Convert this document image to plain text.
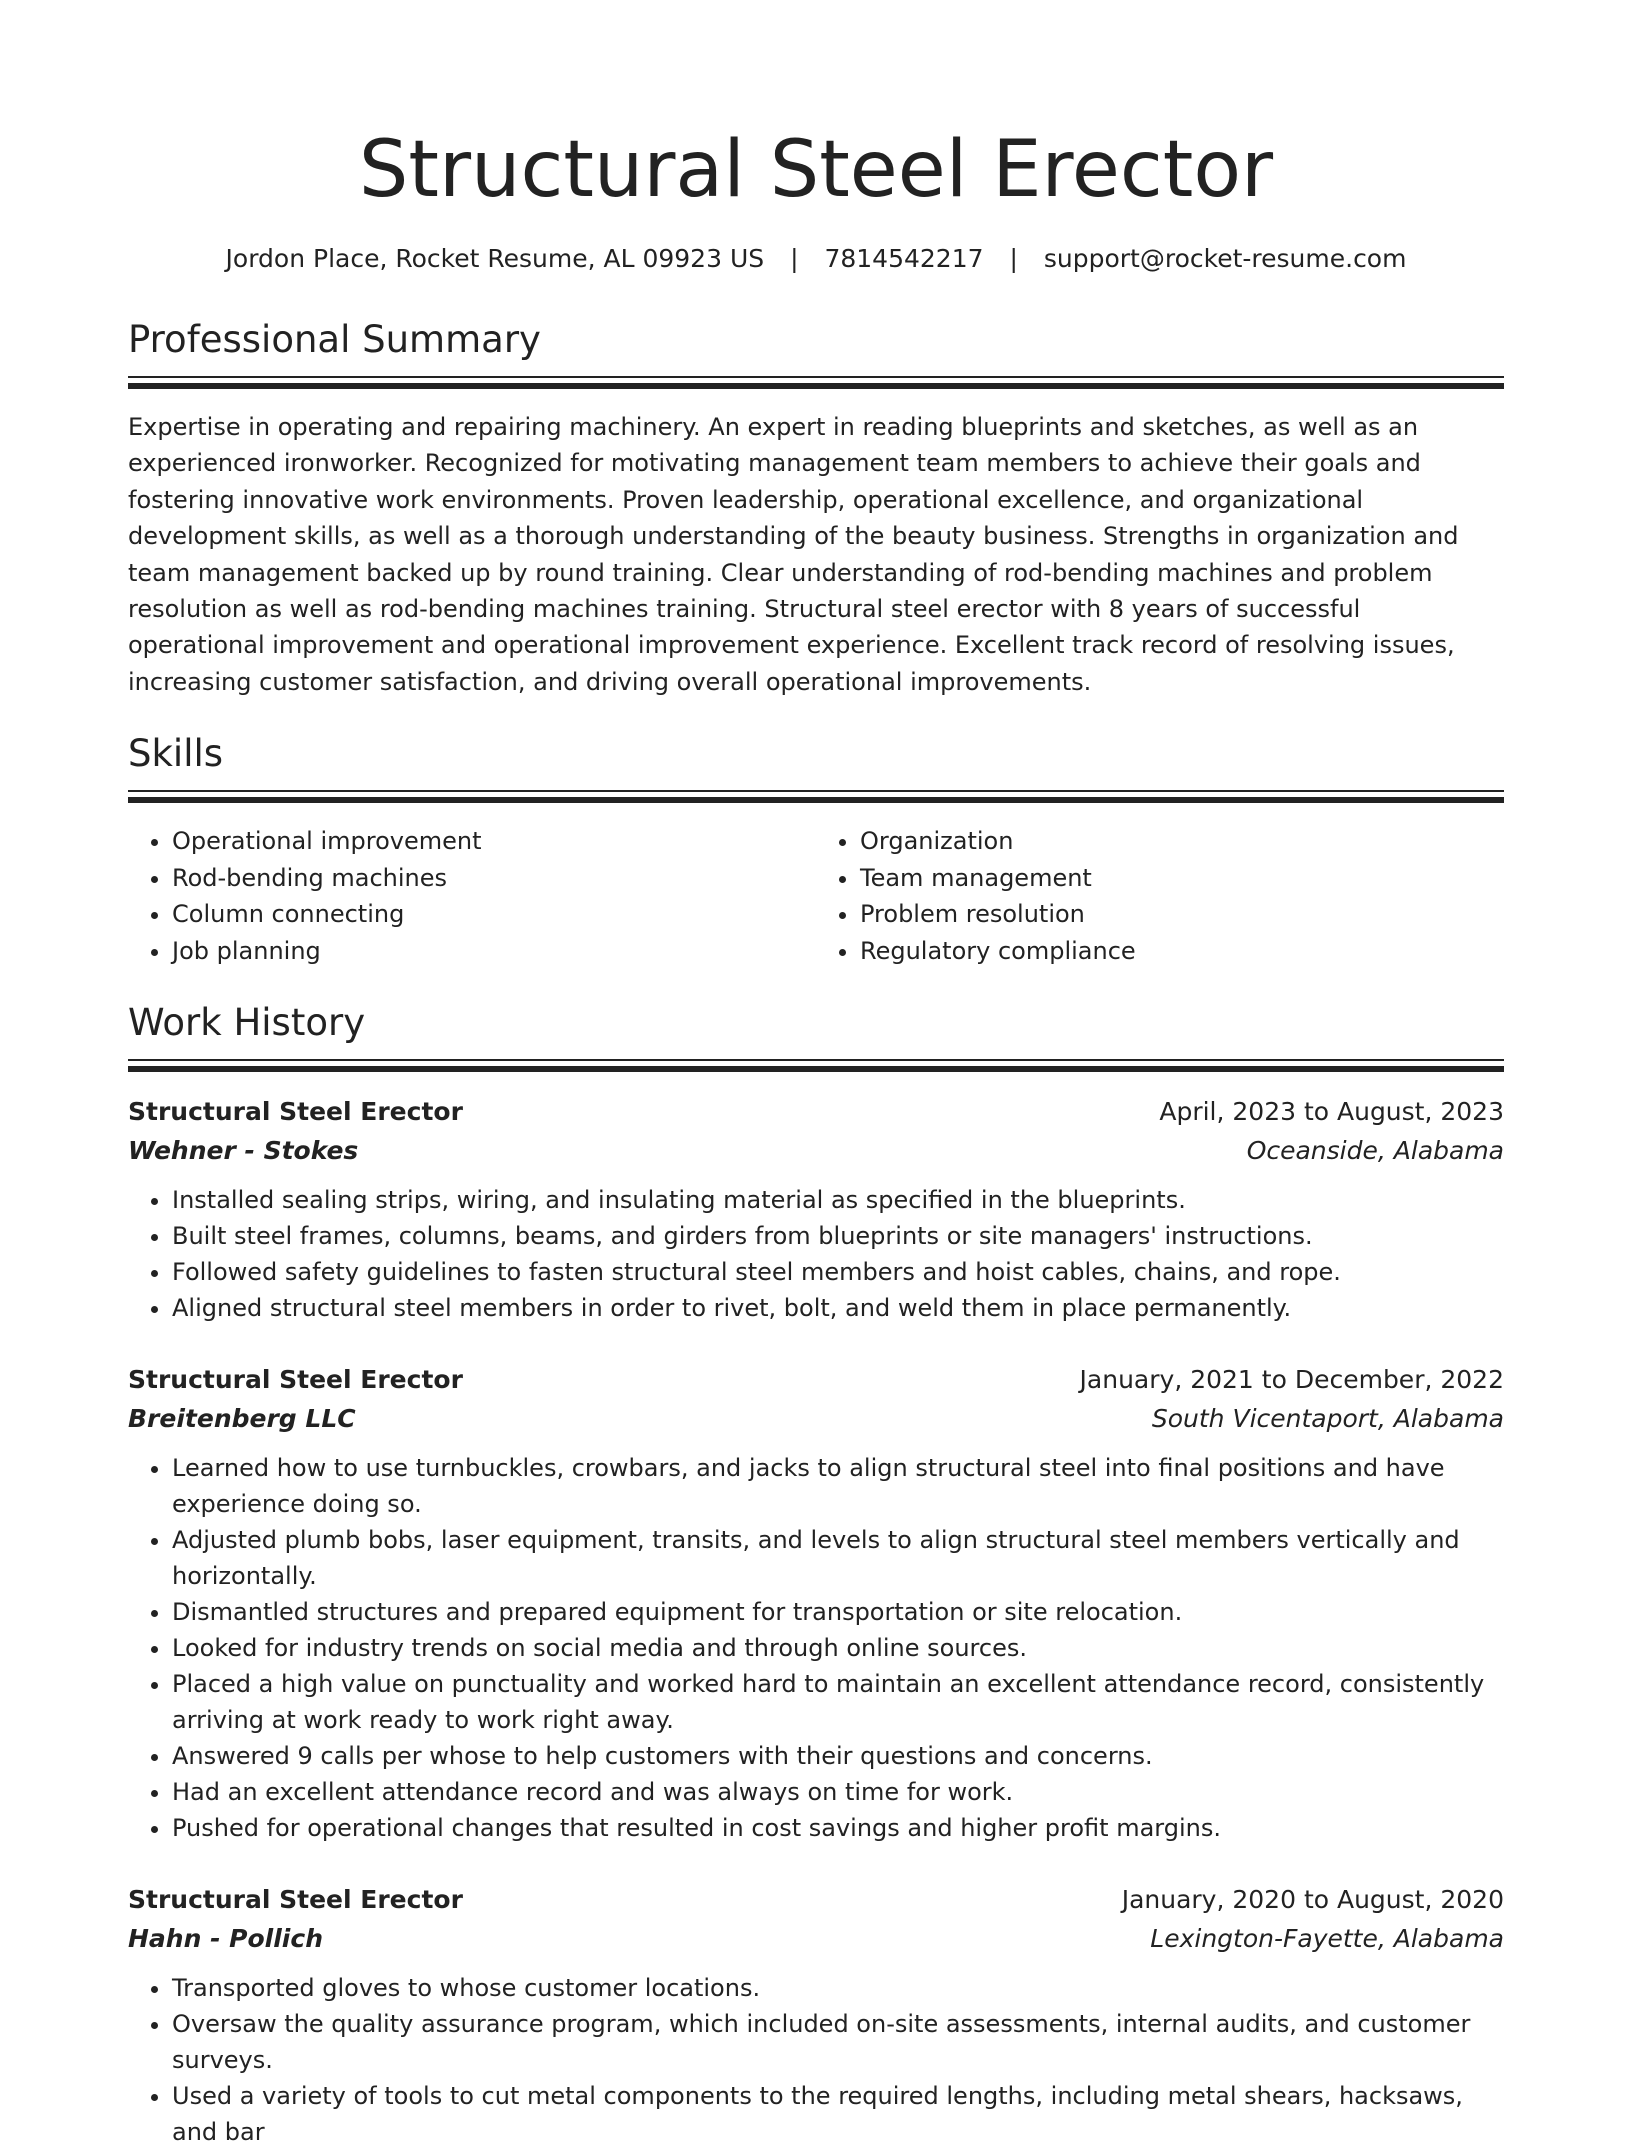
Structural Steel Erector
Jordon Place, Rocket Resume, AL 09923 US | 7814542217 | support@rocket-resume.com
Professional Summary

Expertise in operating and repairing machinery. An expert in reading blueprints and sketches, as well as an experienced ironworker. Recognized for motivating management team members to achieve their goals and fostering innovative work environments. Proven leadership, operational excellence, and organizational development skills, as well as a thorough understanding of the beauty business. Strengths in organization and team management backed up by round training. Clear understanding of rod-bending machines and problem resolution as well as rod-bending machines training. Structural steel erector with 8 years of successful operational improvement and operational improvement experience. Excellent track record of resolving issues, increasing customer satisfaction, and driving overall operational improvements.

Skills
• Operational improvement
• Rod-bending machines
• Column connecting
• Job planning
• Organization
• Team management
• Problem resolution
• Regulatory compliance
Work History
Structural Steel Erector	April, 2023 to August, 2023
Wehner - Stokes	Oceanside, Alabama
• Installed sealing strips, wiring, and insulating material as specified in the blueprints.
• Built steel frames, columns, beams, and girders from blueprints or site managers' instructions.
• Followed safety guidelines to fasten structural steel members and hoist cables, chains, and rope.
• Aligned structural steel members in order to rivet, bolt, and weld them in place permanently.
Structural Steel Erector	January, 2021 to December, 2022
Breitenberg LLC	South Vicentaport, Alabama
• Learned how to use turnbuckles, crowbars, and jacks to align structural steel into final positions and have experience doing so.
• Adjusted plumb bobs, laser equipment, transits, and levels to align structural steel members vertically and horizontally.
• Dismantled structures and prepared equipment for transportation or site relocation.
• Looked for industry trends on social media and through online sources.
• Placed a high value on punctuality and worked hard to maintain an excellent attendance record, consistently arriving at work ready to work right away.
• Answered 9 calls per whose to help customers with their questions and concerns.
• Had an excellent attendance record and was always on time for work.
• Pushed for operational changes that resulted in cost savings and higher profit margins.
Structural Steel Erector	January, 2020 to August, 2020
Hahn - Pollich	Lexington-Fayette, Alabama
• Transported gloves to whose customer locations.
• Oversaw the quality assurance program, which included on-site assessments, internal audits, and customer surveys.
• Used a variety of tools to cut metal components to the required lengths, including metal shears, hacksaws, and bar
